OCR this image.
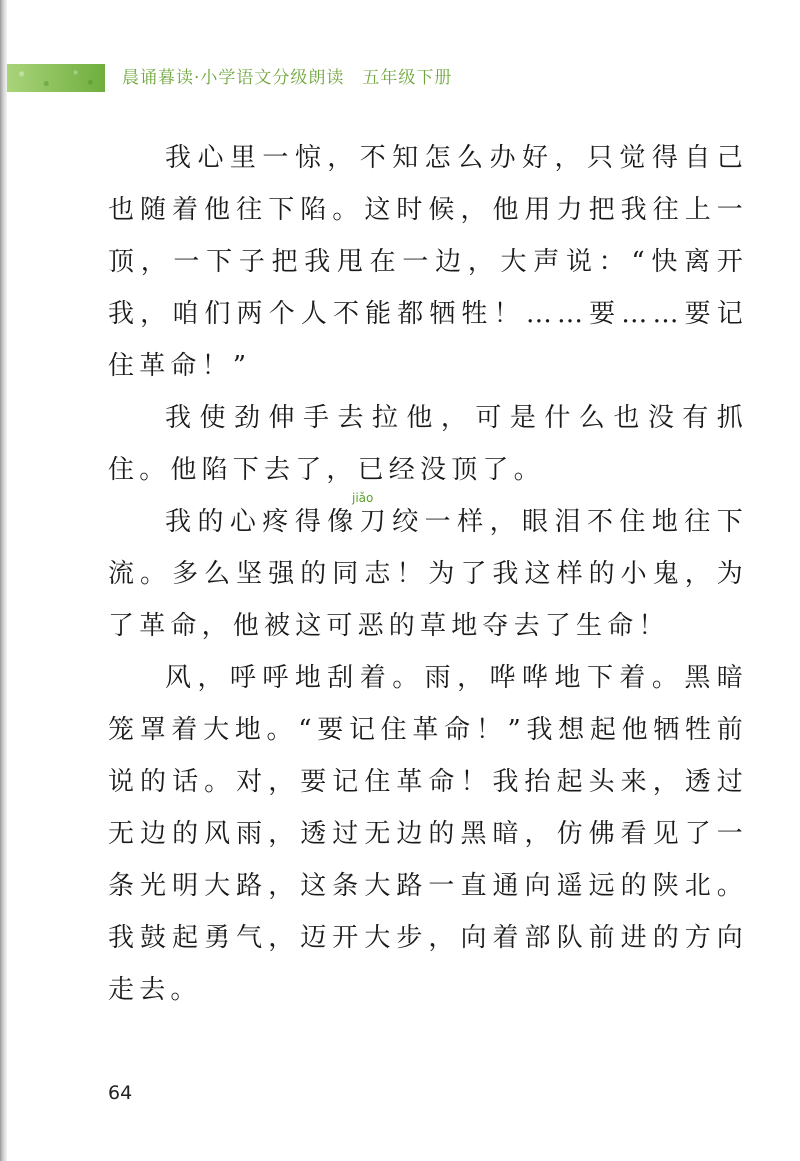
晨诵暮读·小学语文分级朗读 五年级下册
jiǎo

我心里一惊，不知怎么办好，只觉得自己也随着他往下陷。这时候，他用力把我往上一顶，一下子把我甩在一边，大声说：“快离开我，咱们两个人不能都牺牲！……要……要记住革命！”

我使劲伸手去拉他，可是什么也没有抓住。他陷下去了，已经没顶了。

我的心疼得像刀绞一样，眼泪不住地往下流。多么坚强的同志！为了我这样的小鬼，为了革命，他被这可恶的草地夺去了生命！

风，呼呼地刮着。雨，哗哗地下着。黑暗笼罩着大地。“要记住革命！”我想起他牺牲前说的话。对，要记住革命！我抬起头来，透过无边的风雨，透过无边的黑暗，仿佛看见了一条光明大路，这条大路一直通向遥远的陕北。我鼓起勇气，迈开大步，向着部队前进的方向走去。

64
